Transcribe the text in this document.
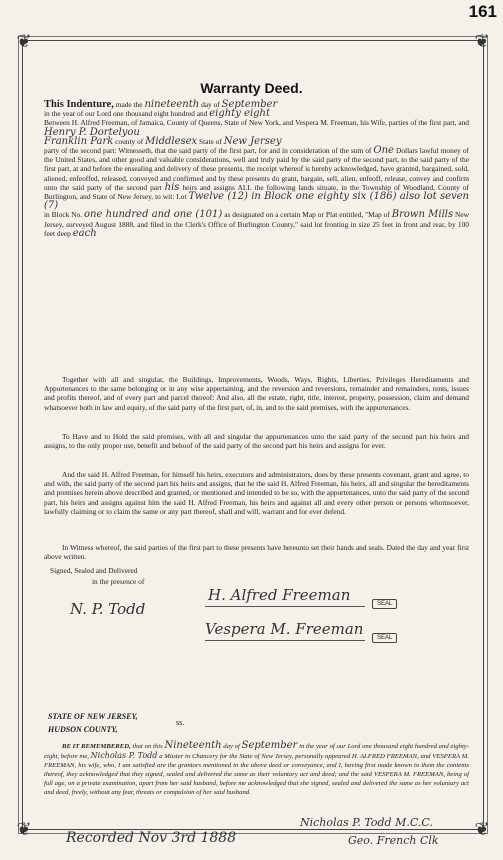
161
❦	❦
❦	❦
Warranty Deed.
This Indenture, made the nineteenth day of September
in the year of our Lord one thousand eight hundred and eighty eight
Between H. Alfred Freeman, of Jamaica, County of Queens, State of New York, and Vespera M. Freeman, his Wife, parties of the first part, and Henry P. Dortelyou
Franklin Park county of Middlesex State of New Jersey
party of the second part: Witnesseth, that the said party of the first part, for and in consideration of the sum of One Dollars lawful money of the United States, and other good and valuable considerations, well and truly paid by the said party of the second part, to the said party of the first part, at and before the ensealing and delivery of these presents, the receipt whereof is hereby acknowledged, have granted, bargained, sold, aliened, enfeoffed, released, conveyed and confirmed and by these presents do grant, bargain, sell, alien, enfeoff, release, convey and confirm unto the said party of the second part his heirs and assigns ALL the following lands situate, in the Township of Woodland, County of Burlington, and State of New Jersey, to wit: Lot Twelve (12) in Block one eighty six (186) also lot seven (7)
in Block No. one hundred and one (101) as designated on a certain Map or Plat entitled, "Map of Brown Mills New Jersey, surveyed August 1888, and filed in the Clerk's Office of Burlington County," said lot fronting in size 25 feet in front and rear, by 100 feet deep each
Together with all and singular, the Buildings, Improvements, Woods, Ways, Rights, Liberties, Privileges Hereditaments and Appurtenances to the same belonging or in any wise appertaining, and the reversion and reversions, remainder and remainders, rents, issues and profits thereof, and of every part and parcel thereof: And also, all the estate, right, title, interest, property, possession, claim and demand whatsoever both in law and equity, of the said party of the first part, of, in, and to the said premises, with the appurtenances.
To Have and to Hold the said premises, with all and singular the appurtenances unto the said party of the second part his heirs and assigns, to the only proper use, benefit and behoof of the said party of the second part his heirs and assigns for ever.
And the said H. Alfred Freeman, for himself his heirs, executors and administrators, does by these presents covenant, grant and agree, to and with, the said party of the second part his heirs and assigns, that he the said H. Alfred Freeman, his heirs, all and singular the hereditaments and premises herein above described and granted, or mentioned and intended to be so, with the appurtenances, unto the said party of the second part, his heirs and assigns against him the said H. Alfred Freeman, his heirs and against all and every other person or persons whomsoever, lawfully claiming or to claim the same or any part thereof, shall and will, warrant and for ever defend.
In Witness whereof, the said parties of the first part to these presents have hereunto set their hands and seals. Dated the day and year first above written.
Signed, Sealed and Delivered
in the presence of
N. P. Todd
H. Alfred Freeman
Vespera M. Freeman
SEAL
SEAL
STATE OF NEW JERSEY,
HUDSON COUNTY,
ss.
BE IT REMEMBERED, that on this Nineteenth day of September in the year of our Lord one thousand eight hundred and eighty-eight, before me, Nicholas P. Todd a Master in Chancery for the State of New Jersey, personally appeared H. ALFRED FREEMAN, and VESPERA M. FREEMAN, his wife, who, I am satisfied are the grantors mentioned in the above deed or conveyance, and I, having first made known to them the contents thereof, they acknowledged that they signed, sealed and delivered the same as their voluntary act and deed; and the said VESPERA M. FREEMAN, being of full age, on a private examination, apart from her said husband, before me acknowledged that she signed, sealed and delivered the same as her voluntary act and deed, freely, without any fear, threats or compulsion of her said husband.
Nicholas P. Todd M.C.C.
Recorded Nov 3rd 1888	Geo. French Clk
